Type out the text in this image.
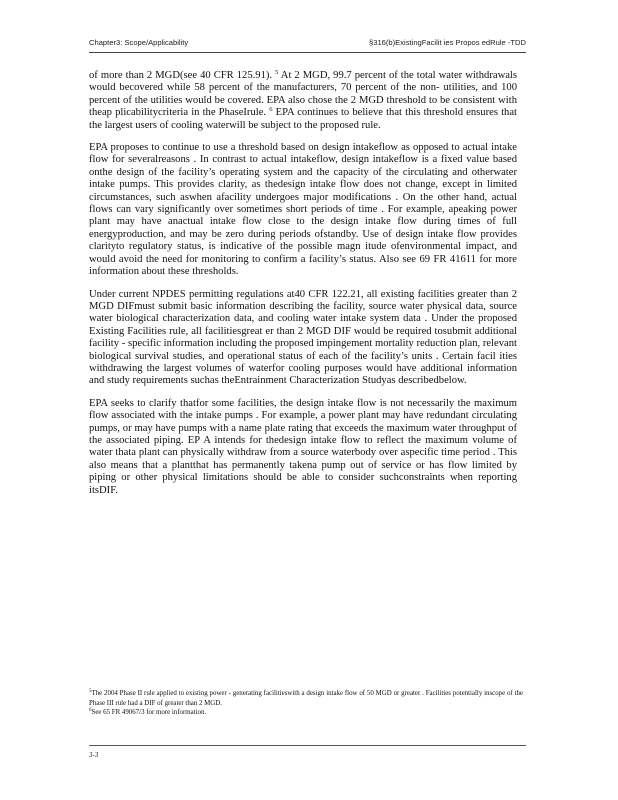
Chapter3: Scope/Applicability	§316(b)ExistingFacilit ies Propos edRule -TDD

of more than 2 MGD(see 40 CFR 125.91). $^5$ At 2 MGD, 99.7 percent of the total water withdrawals would becovered while 58 percent of the manufacturers, 70 percent of the non- utilities, and 100 percent of the utilities would be covered. EPA also chose the 2 MGD threshold to be consistent with theap plicabilitycriteria in the PhaseIrule. $^6$ EPA continues to believe that this threshold ensures that the largest users of cooling waterwill be subject to the proposed rule.

EPA proposes to continue to use a threshold based on design intakeflow as opposed to actual intake flow for severalreasons . In contrast to actual intakeflow, design intakeflow is a fixed value based onthe design of the facility’s operating system and the capacity of the circulating and otherwater intake pumps. This provides clarity, as thedesign intake flow does not change, except in limited circumstances, such aswhen afacility undergoes major modifications . On the other hand, actual flows can vary significantly over sometimes short periods of time . For example, apeaking power plant may have anactual intake flow close to the design intake flow during times of full energyproduction, and may be zero during periods ofstandby. Use of design intake flow provides clarityto regulatory status, is indicative of the possible magn itude ofenvironmental impact, and would avoid the need for monitoring to confirm a facility’s status. Also see 69 FR 41611 for more information about these thresholds.

Under current NPDES permitting regulations at40 CFR 122.21, all existing facilities greater than 2 MGD DIFmust submit basic information describing the facility, source water physical data, source water biological characterization data, and cooling water intake system data . Under the proposed Existing Facilities rule, all facilitiesgreat er than 2 MGD DIF would be required tosubmit additional facility - specific information including the proposed impingement mortality reduction plan, relevant biological survival studies, and operational status of each of the facility’s units . Certain facil ities withdrawing the largest volumes of waterfor cooling purposes would have additional information and study requirements suchas theEntrainment Characterization Studyas describedbelow.

EPA seeks to clarify thatfor some facilities, the design intake flow is not necessarily the maximum flow associated with the intake pumps . For example, a power plant may have redundant circulating pumps, or may have pumps with a name plate rating that exceeds the maximum water throughput of the associated piping. EP A intends for thedesign intake flow to reflect the maximum volume of water thata plant can physically withdraw from a source waterbody over aspecific time period . This also means that a plantthat has permanently takena pump out of service or has flow limited by piping or other physical limitations should be able to consider suchconstraints when reporting itsDIF.

$^5$The 2004 Phase II rule applied to existing power - generating facilitieswith a design intake flow of 50 MGD or greater . Facilities potentially inscope of the Phase III rule had a DIF of greater than 2 MGD.

$^6$See 65 FR 49067/3 for more information.

3-3
